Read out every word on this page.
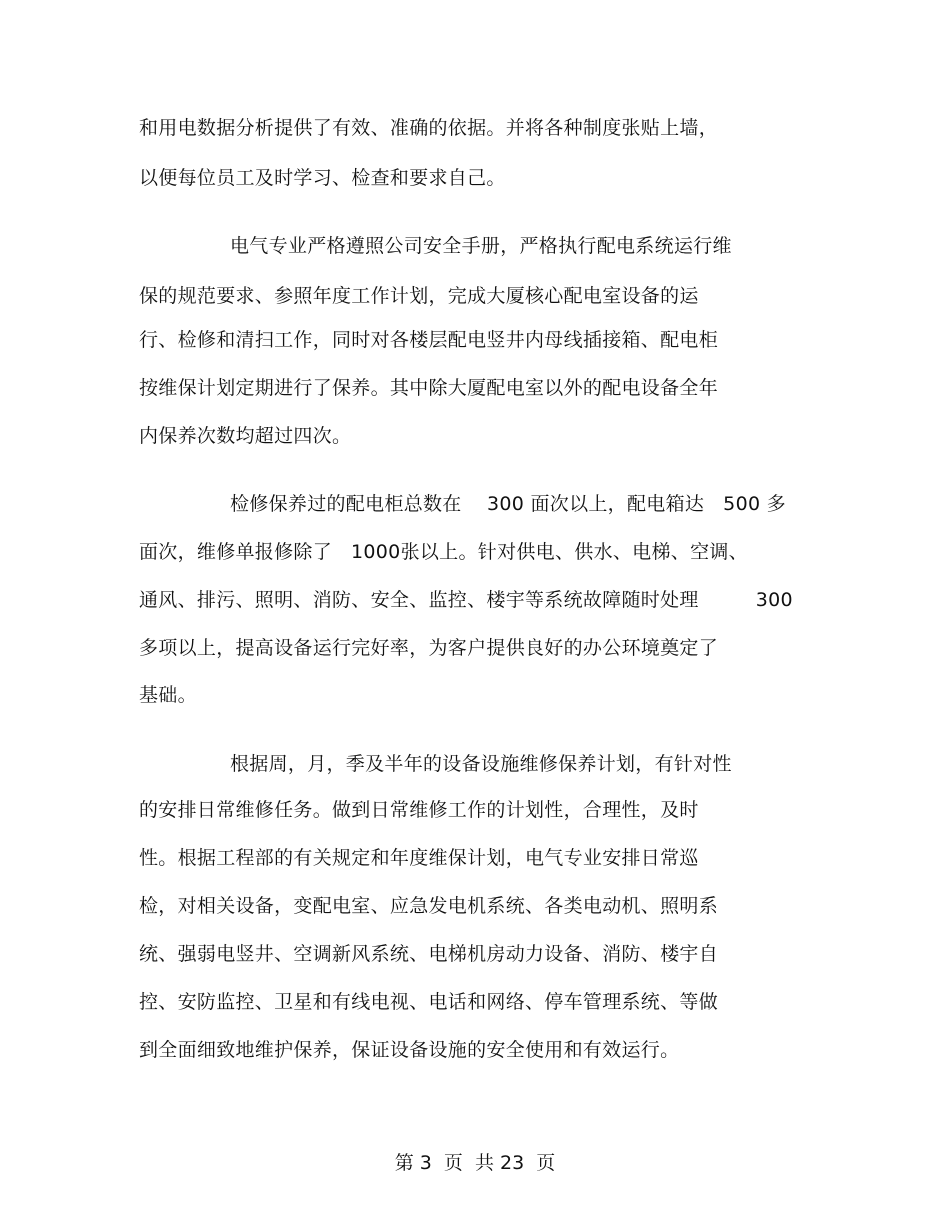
和用电数据分析提供了有效、准确的依据。并将各种制度张贴上墙，
以便每位员工及时学习、检查和要求自己。
电气专业严格遵照公司安全手册，严格执行配电系统运行维
保的规范要求、参照年度工作计划，完成大厦核心配电室设备的运
行、检修和清扫工作，同时对各楼层配电竖井内母线插接箱、配电柜
按维保计划定期进行了保养。其中除大厦配电室以外的配电设备全年
内保养次数均超过四次。
检修保养过的配电柜总数在    300 面次以上，配电箱达   500 多
面次，维修单报修除了   1000张以上。针对供电、供水、电梯、空调、
通风、排污、照明、消防、安全、监控、楼宇等系统故障随时处理         300
多项以上，提高设备运行完好率，为客户提供良好的办公环境奠定了
基础。
根据周，月，季及半年的设备设施维修保养计划，有针对性
的安排日常维修任务。做到日常维修工作的计划性，合理性，及时
性。根据工程部的有关规定和年度维保计划，电气专业安排日常巡
检，对相关设备，变配电室、应急发电机系统、各类电动机、照明系
统、强弱电竖井、空调新风系统、电梯机房动力设备、消防、楼宇自
控、安防监控、卫星和有线电视、电话和网络、停车管理系统、等做
到全面细致地维护保养，保证设备设施的安全使用和有效运行。
第 3  页  共 23  页
